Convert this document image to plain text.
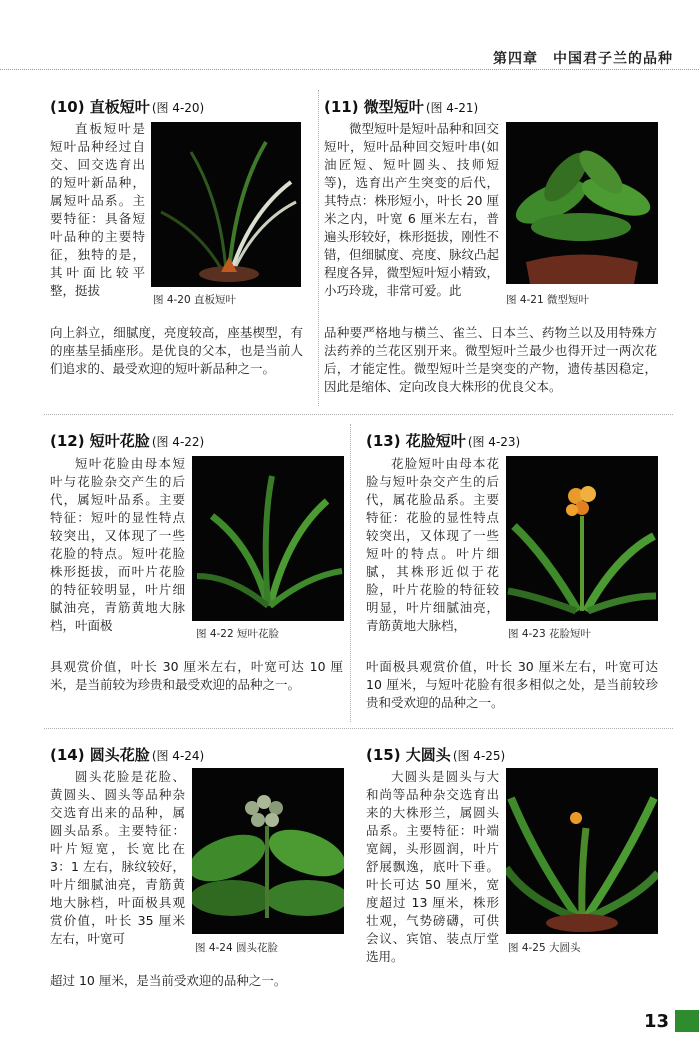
第四章　中国君子兰的品种
(10) 直板短叶 (图 4-20)

直板短叶是短叶品种经过自交、回交选育出的短叶新品种，属短叶品系。主要特征：具备短叶品种的主要特征，独特的是，其叶面比较平整，挺拔

图 4-20 直板短叶

向上斜立，细腻度，亮度较高，座基楔型，有的座基呈插座形。是优良的父本，也是当前人们追求的、最受欢迎的短叶新品种之一。

(11) 微型短叶 (图 4-21)

微型短叶是短叶品种和回交短叶，短叶品种回交短叶串(如油匠短、短叶圆头、技师短等)，选育出产生突变的后代，其特点：株形短小，叶长 20 厘米之内，叶宽 6 厘米左右，普遍头形较好，株形挺拔，刚性不错，但细腻度、亮度、脉纹凸起程度各异，微型短叶短小精致，小巧玲珑，非常可爱。此

图 4-21 微型短叶

品种要严格地与横兰、雀兰、日本兰、药物兰以及用特殊方法药养的兰花区别开来。微型短叶兰最少也得开过一两次花后，才能定性。微型短叶兰是突变的产物，遗传基因稳定，因此是缩体、定向改良大株形的优良父本。

(12) 短叶花脸 (图 4-22)

短叶花脸由母本短叶与花脸杂交产生的后代，属短叶品系。主要特征：短叶的显性特点较突出，又体现了一些花脸的特点。短叶花脸株形挺拔，而叶片花脸的特征较明显，叶片细腻油亮，青筋黄地大脉档，叶面极

图 4-22 短叶花脸

具观赏价值，叶长 30 厘米左右，叶宽可达 10 厘米，是当前较为珍贵和最受欢迎的品种之一。

(13) 花脸短叶 (图 4-23)

花脸短叶由母本花脸与短叶杂交产生的后代，属花脸品系。主要特征：花脸的显性特点较突出，又体现了一些短叶的特点。叶片细腻，其株形近似于花脸，叶片花脸的特征较明显，叶片细腻油亮，青筋黄地大脉档，

图 4-23 花脸短叶

叶面极具观赏价值，叶长 30 厘米左右，叶宽可达 10 厘米，与短叶花脸有很多相似之处，是当前较珍贵和受欢迎的品种之一。

(14) 圆头花脸 (图 4-24)

圆头花脸是花脸、黄圆头、圆头等品种杂交选育出来的品种，属圆头品系。主要特征：叶片短宽，长宽比在 3：1 左右，脉纹较好，叶片细腻油亮，青筋黄地大脉档，叶面极具观赏价值，叶长 35 厘米左右，叶宽可

图 4-24 圆头花脸

超过 10 厘米，是当前受欢迎的品种之一。

(15) 大圆头 (图 4-25)

大圆头是圆头与大和尚等品种杂交选育出来的大株形兰，属圆头品系。主要特征：叶端宽阔，头形圆润，叶片舒展飘逸，底叶下垂。叶长可达 50 厘米，宽度超过 13 厘米，株形壮观，气势磅礴，可供会议、宾馆、装点厅堂选用。

图 4-25 大圆头
13
